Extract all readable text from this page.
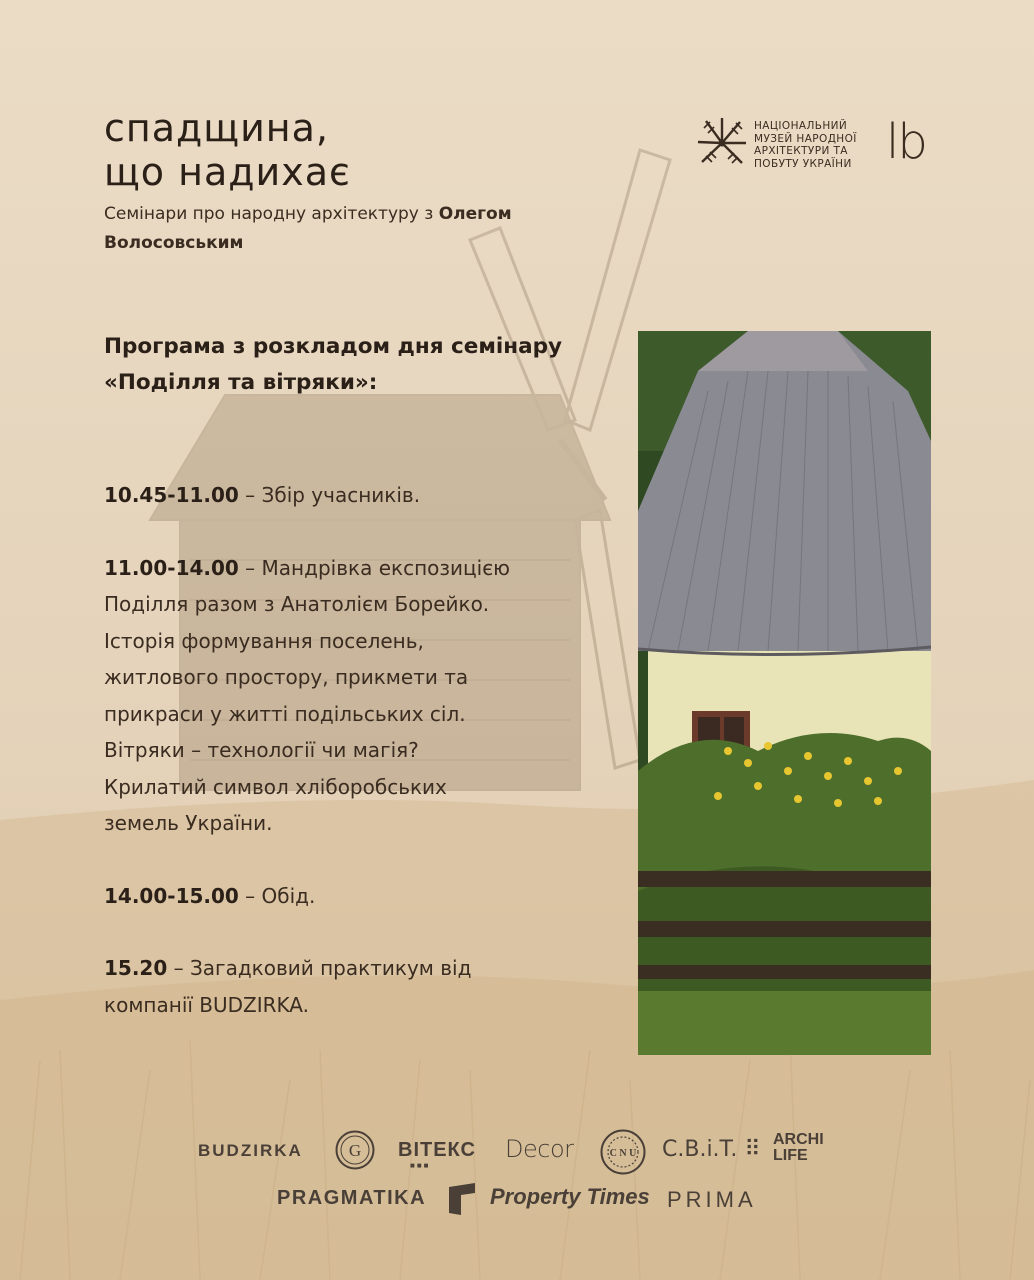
спадщина,
що надихає

Семінари про народну архітектуру з Олегом Волосовським

НАЦІОНАЛЬНИЙ
МУЗЕЙ НАРОДНОЇ
АРХІТЕКТУРИ ТА
ПОБУТУ УКРАЇНИ lb
Програма з розкладом дня семінару «Поділля та вітряки»:

10.45-11.00 – Збір учасників.

11.00-14.00 – Мандрівка експозицією Поділля разом з Анатолієм Борейко. Історія формування поселень, житлового простору, прикмети та прикраси у житті подільських сіл. Вітряки – технології чи магія? Крилатий символ хліборобських земель України.

14.00-15.00 – Обід.

15.20 – Загадковий практикум від компанії BUDZIRKA.

BUDZIRKA	G ВІТЕКС
■■■
Decor	C N U C.B.i.T. ⠿ ARCHI
LIFE
PRAGMATIKA	Property Times PRIMA
